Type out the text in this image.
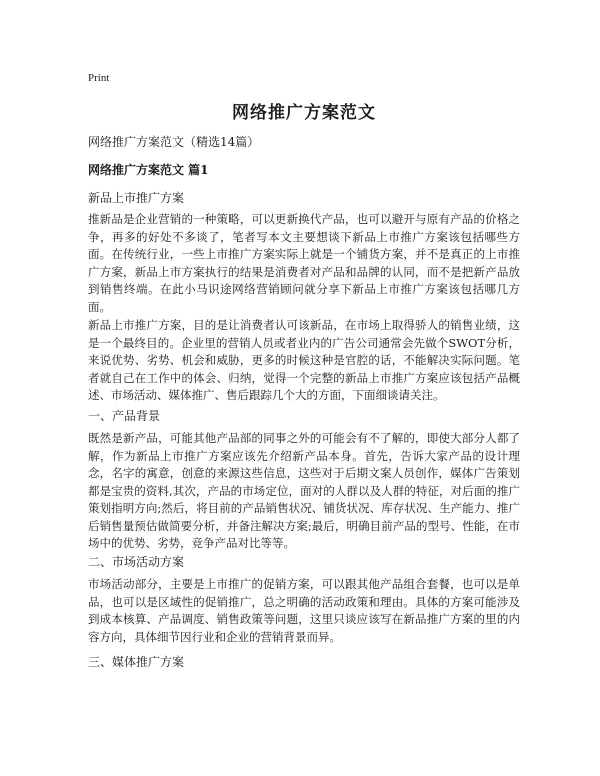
Print
网络推广方案范文
网络推广方案范文（精选14篇）
网络推广方案范文 篇1
新品上市推广方案

推新品是企业营销的一种策略，可以更新换代产品，也可以避开与原有产品的价格之争，再多的好处不多谈了，笔者写本文主要想谈下新品上市推广方案该包括哪些方面。在传统行业，一些上市推广方案实际上就是一个铺货方案，并不是真正的上市推广方案，新品上市方案执行的结果是消费者对产品和品牌的认同，而不是把新产品放到销售终端。在此小马识途网络营销顾问就分享下新品上市推广方案该包括哪几方面。

新品上市推广方案，目的是让消费者认可该新品，在市场上取得骄人的销售业绩，这是一个最终目的。企业里的营销人员或者业内的广告公司通常会先做个SWOT分析，来说优势、劣势、机会和威胁，更多的时候这种是官腔的话，不能解决实际问题。笔者就自己在工作中的体会、归纳，觉得一个完整的新品上市推广方案应该包括产品概述、市场活动、媒体推广、售后跟踪几个大的方面，下面细谈请关注。

一、产品背景

既然是新产品，可能其他产品部的同事之外的可能会有不了解的，即使大部分人都了解，作为新品上市推广方案应该先介绍新产品本身。首先，告诉大家产品的设计理念，名字的寓意，创意的来源这些信息，这些对于后期文案人员创作，媒体广告策划都是宝贵的资料,其次，产品的市场定位，面对的人群以及人群的特征，对后面的推广策划指明方向;然后，将目前的产品销售状况、铺货状况、库存状况、生产能力、推广后销售量预估做简要分析，并备注解决方案;最后，明确目前产品的型号、性能，在市场中的优势、劣势，竞争产品对比等等。

二、市场活动方案

市场活动部分，主要是上市推广的促销方案，可以跟其他产品组合套餐，也可以是单品，也可以是区域性的促销推广，总之明确的活动政策和理由。具体的方案可能涉及到成本核算、产品调度、销售政策等问题，这里只谈应该写在新品推广方案的里的内容方向，具体细节因行业和企业的营销背景而异。

三、媒体推广方案
